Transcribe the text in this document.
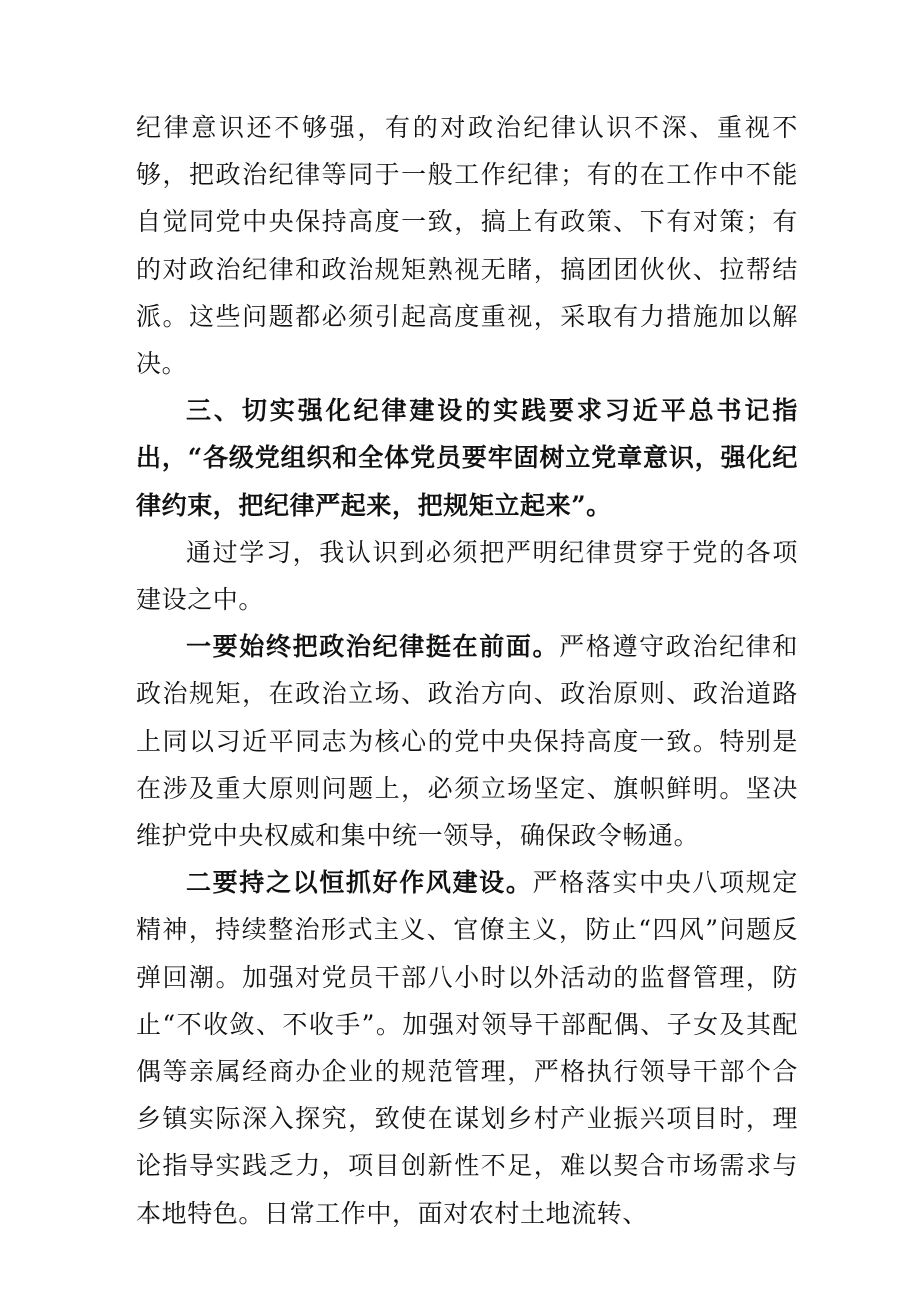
纪律意识还不够强，有的对政治纪律认识不深、重视不够，把政治纪律等同于一般工作纪律；有的在工作中不能自觉同党中央保持高度一致，搞上有政策、下有对策；有的对政治纪律和政治规矩熟视无睹，搞团团伙伙、拉帮结派。这些问题都必须引起高度重视，采取有力措施加以解决。

三、切实强化纪律建设的实践要求习近平总书记指出，“各级党组织和全体党员要牢固树立党章意识，强化纪律约束，把纪律严起来，把规矩立起来”。

通过学习，我认识到必须把严明纪律贯穿于党的各项建设之中。

一要始终把政治纪律挺在前面。严格遵守政治纪律和政治规矩，在政治立场、政治方向、政治原则、政治道路上同以习近平同志为核心的党中央保持高度一致。特别是在涉及重大原则问题上，必须立场坚定、旗帜鲜明。坚决维护党中央权威和集中统一领导，确保政令畅通。

二要持之以恒抓好作风建设。严格落实中央八项规定精神，持续整治形式主义、官僚主义，防止“四风”问题反弹回潮。加强对党员干部八小时以外活动的监督管理，防止“不收敛、不收手”。加强对领导干部配偶、子女及其配偶等亲属经商办企业的规范管理，严格执行领导干部个合乡镇实际深入探究，致使在谋划乡村产业振兴项目时，理论指导实践乏力，项目创新性不足，难以契合市场需求与本地特色。日常工作中，面对农村土地流转、
